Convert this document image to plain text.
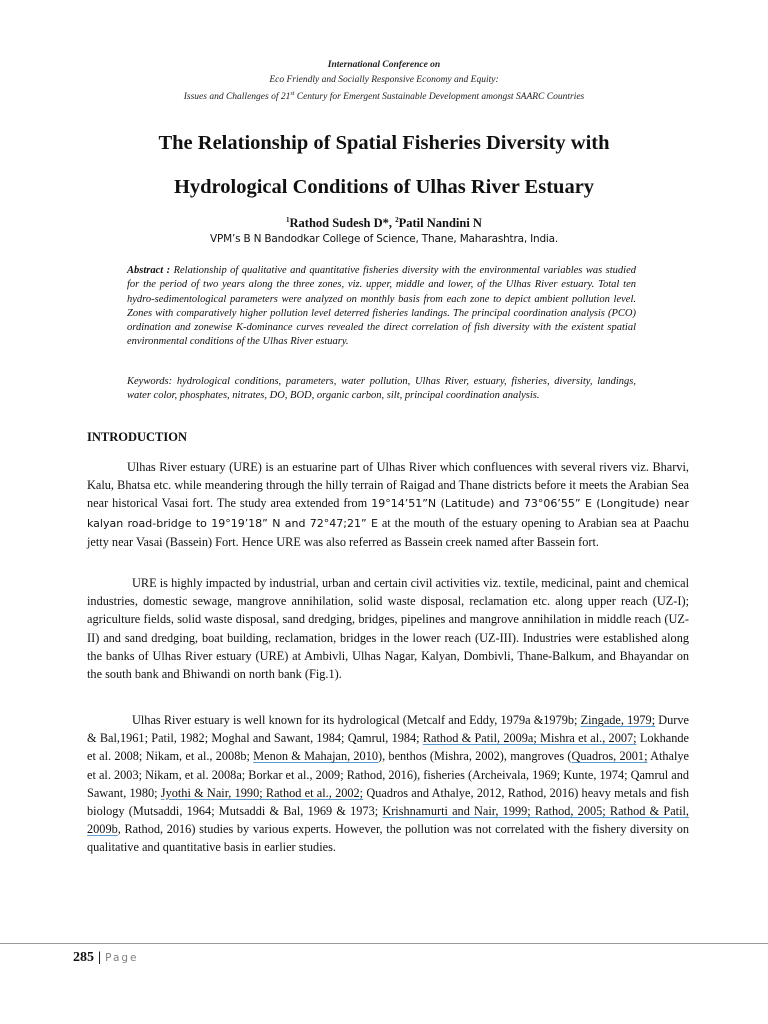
International Conference on
Eco Friendly and Socially Responsive Economy and Equity:
Issues and Challenges of 21st Century for Emergent Sustainable Development amongst SAARC Countries
The Relationship of Spatial Fisheries Diversity with
Hydrological Conditions of Ulhas River Estuary
$^1$Rathod Sudesh D*, $^2$Patil Nandini N
VPM’s B N Bandodkar College of Science, Thane, Maharashtra, India.
Abstract : Relationship of qualitative and quantitative fisheries diversity with the environmental variables was studied for the period of two years along the three zones, viz. upper, middle and lower, of the Ulhas River estuary. Total ten hydro-sedimentological parameters were analyzed on monthly basis from each zone to depict ambient pollution level. Zones with comparatively higher pollution level deterred fisheries landings. The principal coordination analysis (PCO) ordination and zonewise K-dominance curves revealed the direct correlation of fish diversity with the existent spatial environmental conditions of the Ulhas River estuary.
Keywords: hydrological conditions, parameters, water pollution, Ulhas River, estuary, fisheries, diversity, landings, water color, phosphates, nitrates, DO, BOD, organic carbon, silt, principal coordination analysis.
INTRODUCTION
Ulhas River estuary (URE) is an estuarine part of Ulhas River which confluences with several rivers viz. Bharvi, Kalu, Bhatsa etc. while meandering through the hilly terrain of Raigad and Thane districts before it meets the Arabian Sea near historical Vasai fort. The study area extended from 19°14’51”N (Latitude) and 73°06’55” E (Longitude) near kalyan road-bridge to 19°19’18” N and 72°47;21” E at the mouth of the estuary opening to Arabian sea at Paachu jetty near Vasai (Bassein) Fort. Hence URE was also referred as Bassein creek named after Bassein fort.
URE is highly impacted by industrial, urban and certain civil activities viz. textile, medicinal, paint and chemical industries, domestic sewage, mangrove annihilation, solid waste disposal, reclamation etc. along upper reach (UZ-I); agriculture fields, solid waste disposal, sand dredging, bridges, pipelines and mangrove annihilation in middle reach (UZ-II) and sand dredging, boat building, reclamation, bridges in the lower reach (UZ-III). Industries were established along the banks of Ulhas River estuary (URE) at Ambivli, Ulhas Nagar, Kalyan, Dombivli, Thane-Balkum, and Bhayandar on the south bank and Bhiwandi on north bank (Fig.1).
Ulhas River estuary is well known for its hydrological (Metcalf and Eddy, 1979a &1979b; Zingade, 1979; Durve & Bal,1961; Patil, 1982; Moghal and Sawant, 1984; Qamrul, 1984; Rathod & Patil, 2009a; Mishra et al., 2007; Lokhande et al. 2008; Nikam, et al., 2008b; Menon & Mahajan, 2010), benthos (Mishra, 2002), mangroves (Quadros, 2001; Athalye et al. 2003; Nikam, et al. 2008a; Borkar et al., 2009; Rathod, 2016), fisheries (Archeivala, 1969; Kunte, 1974; Qamrul and Sawant, 1980; Jyothi & Nair, 1990; Rathod et al., 2002; Quadros and Athalye, 2012, Rathod, 2016) heavy metals and fish biology (Mutsaddi, 1964; Mutsaddi & Bal, 1969 & 1973; Krishnamurti and Nair, 1999; Rathod, 2005; Rathod & Patil, 2009b, Rathod, 2016) studies by various experts. However, the pollution was not correlated with the fishery diversity on qualitative and quantitative basis in earlier studies.
285 | Page
